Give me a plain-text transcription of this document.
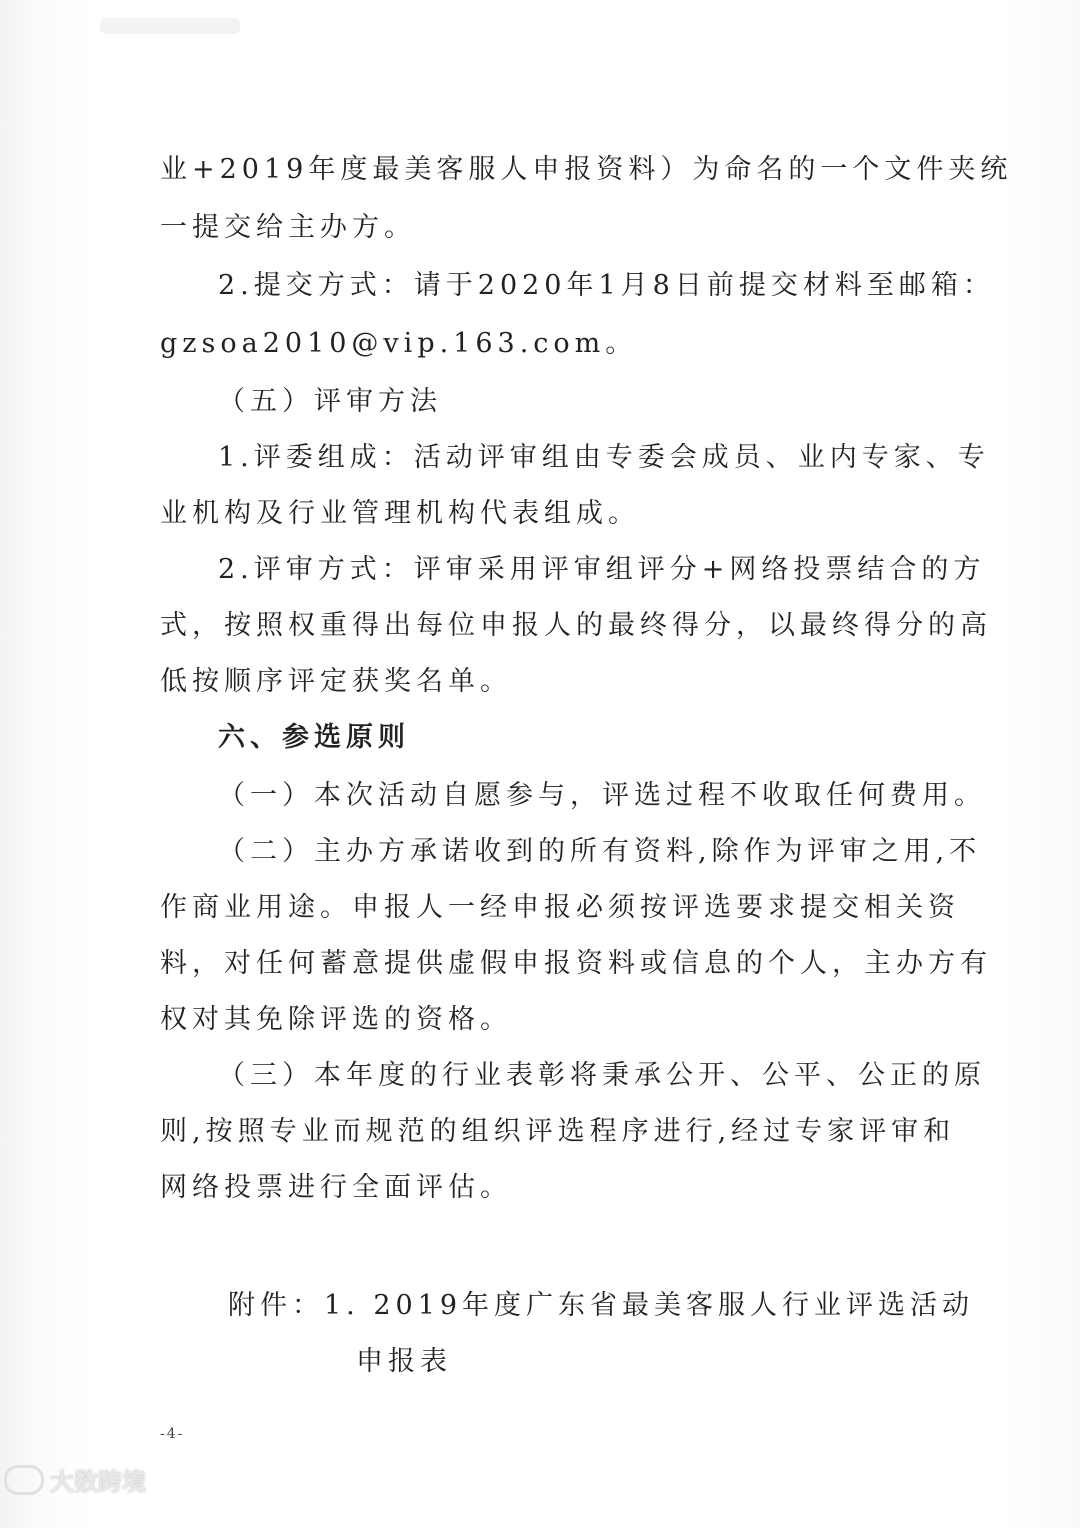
业+2019年度最美客服人申报资料）为命名的一个文件夹统
一提交给主办方。
2.提交方式：请于2020年1月8日前提交材料至邮箱：
gzsoa2010@vip.163.com。
（五）评审方法
1.评委组成：活动评审组由专委会成员、业内专家、专
业机构及行业管理机构代表组成。
2.评审方式：评审采用评审组评分+网络投票结合的方
式，按照权重得出每位申报人的最终得分，以最终得分的高
低按顺序评定获奖名单。
六、参选原则
（一）本次活动自愿参与，评选过程不收取任何费用。
（二）主办方承诺收到的所有资料,除作为评审之用,不
作商业用途。申报人一经申报必须按评选要求提交相关资
料，对任何蓄意提供虚假申报资料或信息的个人，主办方有
权对其免除评选的资格。
（三）本年度的行业表彰将秉承公开、公平、公正的原
则,按照专业而规范的组织评选程序进行,经过专家评审和
网络投票进行全面评估。
附件：1. 2019年度广东省最美客服人行业评选活动
申报表
-4-
大数跨境
